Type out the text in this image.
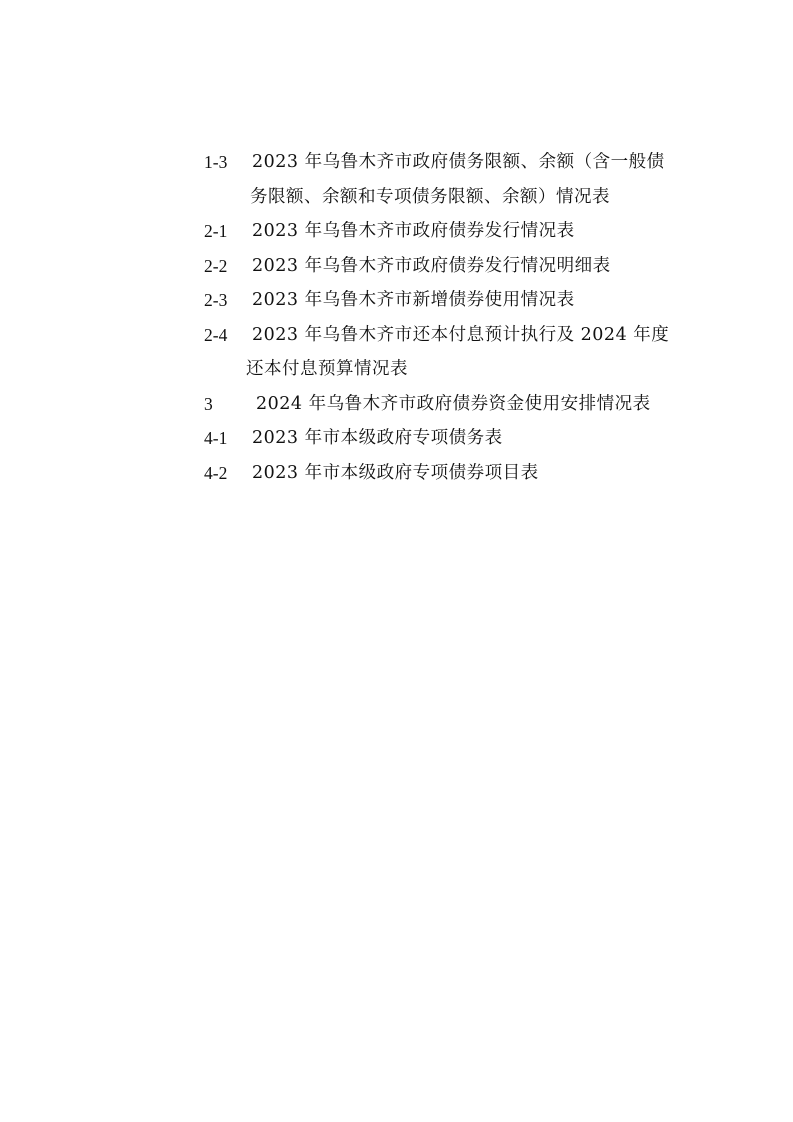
1-3	2023 年乌鲁木齐市政府债务限额、余额（含一般债
务限额、余额和专项债务限额、余额）情况表
2-1	2023 年乌鲁木齐市政府债券发行情况表
2-2	2023 年乌鲁木齐市政府债券发行情况明细表
2-3	2023 年乌鲁木齐市新增债券使用情况表
2-4	2023 年乌鲁木齐市还本付息预计执行及 2024 年度
还本付息预算情况表
3	2024 年乌鲁木齐市政府债券资金使用安排情况表
4-1	2023 年市本级政府专项债务表
4-2	2023 年市本级政府专项债券项目表
